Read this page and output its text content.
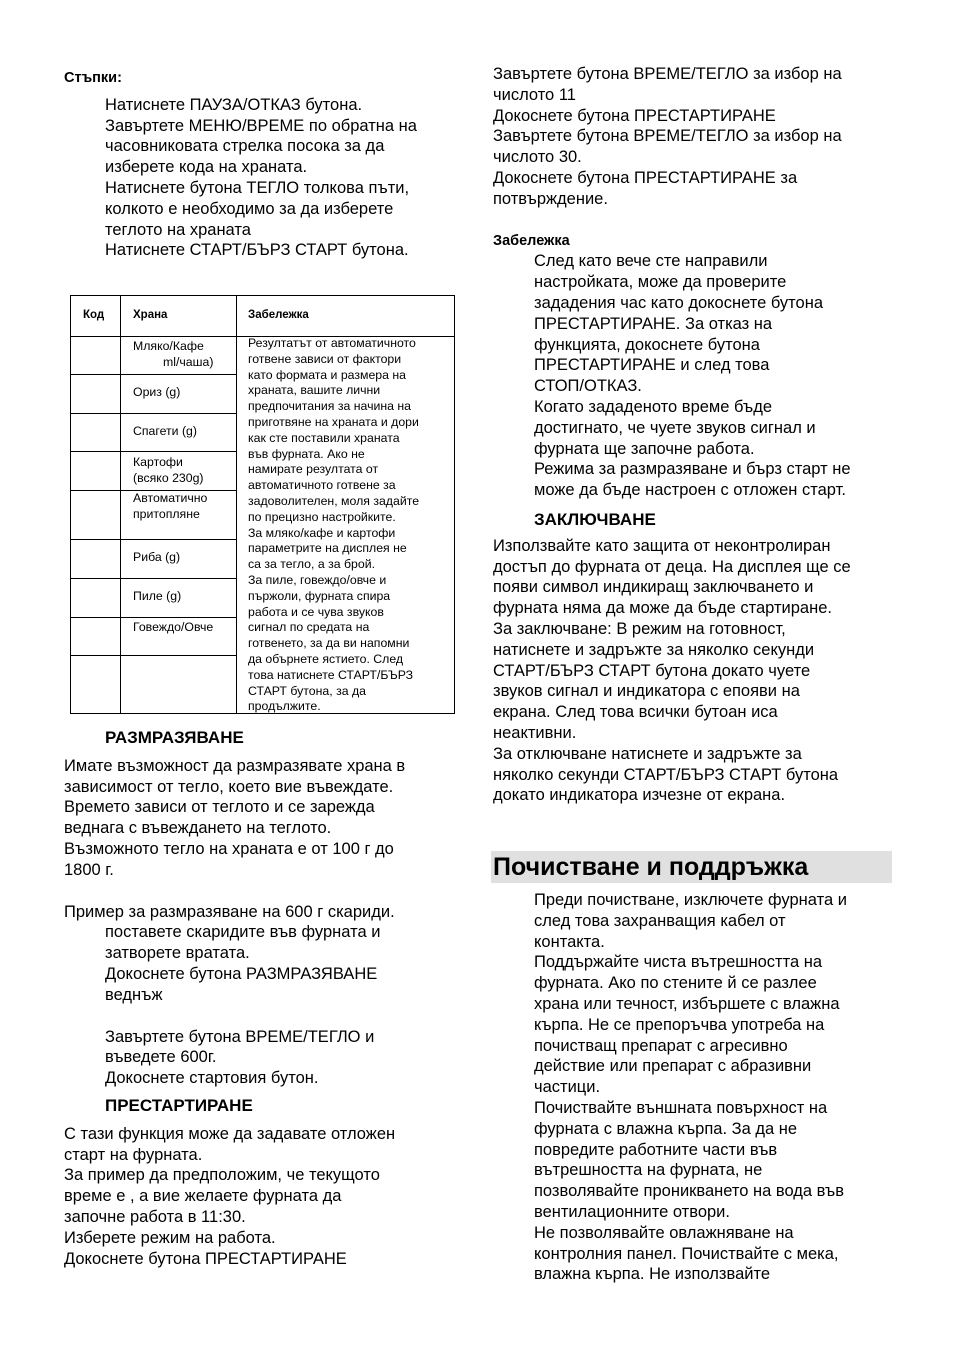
Стъпки:

Натиснете ПАУЗА/ОТКАЗ бутона.

Завъртете МЕНЮ/ВРЕМЕ по обратна на

часовниковата стрелка посока за да

изберете кода на храната.

Натиснете бутона ТЕГЛО толкова пъти,

колкото е необходимо за да изберете

теглото на храната

Натиснете СТАРТ/БЪРЗ СТАРТ бутона.

Код	Храна	Забележка
Мляко/Кафе
ml/чаша)
Ориз (g)
Спагети (g)
Картофи
(всяко 230g)
Автоматично
притопляне
Риба (g)
Пиле (g)
Говеждо/Овче
Резултатът от автоматичното
готвене зависи от фактори
като формата и размера на
храната, вашите лични
предпочитания за начина на
приготвяне на храната и дори
как сте поставили храната
във фурната. Ако не
намирате резултата от
автоматичното готвене за
задоволителен, моля задайте
по прецизно настройките.
За мляко/кафе и картофи
параметрите на дисплея не
са за тегло, а за брой.
За пиле, говеждо/овче и
пържоли, фурната спира
работа и се чува звуков
сигнал по средата на
готвенето, за да ви напомни
да обърнете ястието. След
това натиснете СТАРТ/БЪРЗ
СТАРТ бутона, за да
продължите.

РАЗМРАЗЯВАНЕ

Имате възможност да размразявате храна в

зависимост от тегло, което вие въвеждате.

Времето зависи от теглото и се зарежда

веднага с въвеждането на теглото.

Възможното тегло на храната е от 100 г до

1800 г.

Пример за размразяване на 600 г скариди.

поставете скаридите във фурната и

затворете вратата.

Докоснете бутона РАЗМРАЗЯВАНЕ

веднъж

Завъртете бутона ВРЕМЕ/ТЕГЛО и

въведете 600г.

Докоснете стартовия бутон.

ПРЕСТАРТИРАНЕ

С тази функция може да задавате отложен

старт на фурната.

За пример да предположим, че текущото

време е , а вие желаете фурната да

започне работа в 11:30.

Изберете режим на работа.

Докоснете бутона ПРЕСТАРТИРАНЕ

Завъртете бутона ВРЕМЕ/ТЕГЛО за избор на

числото 11

Докоснете бутона ПРЕСТАРТИРАНЕ

Завъртете бутона ВРЕМЕ/ТЕГЛО за избор на

числото 30.

Докоснете бутона ПРЕСТАРТИРАНЕ за

потвърждение.

Забележка

След като вече сте направили

настройката, може да проверите

зададения час като докоснете бутона

ПРЕСТАРТИРАНЕ. За отказ на

функцията, докоснете бутона

ПРЕСТАРТИРАНЕ и след това

СТОП/ОТКАЗ.

Когато зададеното време бъде

достигнато, че чуете звуков сигнал и

фурната ще започне работа.

Режима за размразяване и бърз старт не

може да бъде настроен с отложен старт.

ЗАКЛЮЧВАНЕ

Използвайте като защита от неконтролиран

достъп до фурната от деца. На дисплея ще се

появи символ индикиращ заключването и

фурната няма да може да бъде стартиране.

За заключване: В режим на готовност,

натиснете и задръжте за няколко секунди

СТАРТ/БЪРЗ СТАРТ бутона докато чуете

звуков сигнал и индикатора с епояви на

екрана. След това всички бутоан иса

неактивни.

За отключване натиснете и задръжте за

няколко секунди СТАРТ/БЪРЗ СТАРТ бутона

докато индикатора изчезне от екрана.

Почистване и поддръжка

Преди почистване, изключете фурната и

след това захранващия кабел от

контакта.

Поддържайте чиста вътрешността на

фурната. Ако по стените й се разлее

храна или течност, избършете с влажна

кърпа. Не се препоръчва употреба на

почистващ препарат с агресивно

действие или препарат с абразивни

частици.

Почиствайте външната повърхност на

фурната с влажна кърпа. За да не

повредите работните части във

вътрешността на фурната, не

позволявайте проникването на вода във

вентилационните отвори.

Не позволявайте овлажняване на

контролния панел. Почиствайте с мека,

влажна кърпа. Не използвайте
